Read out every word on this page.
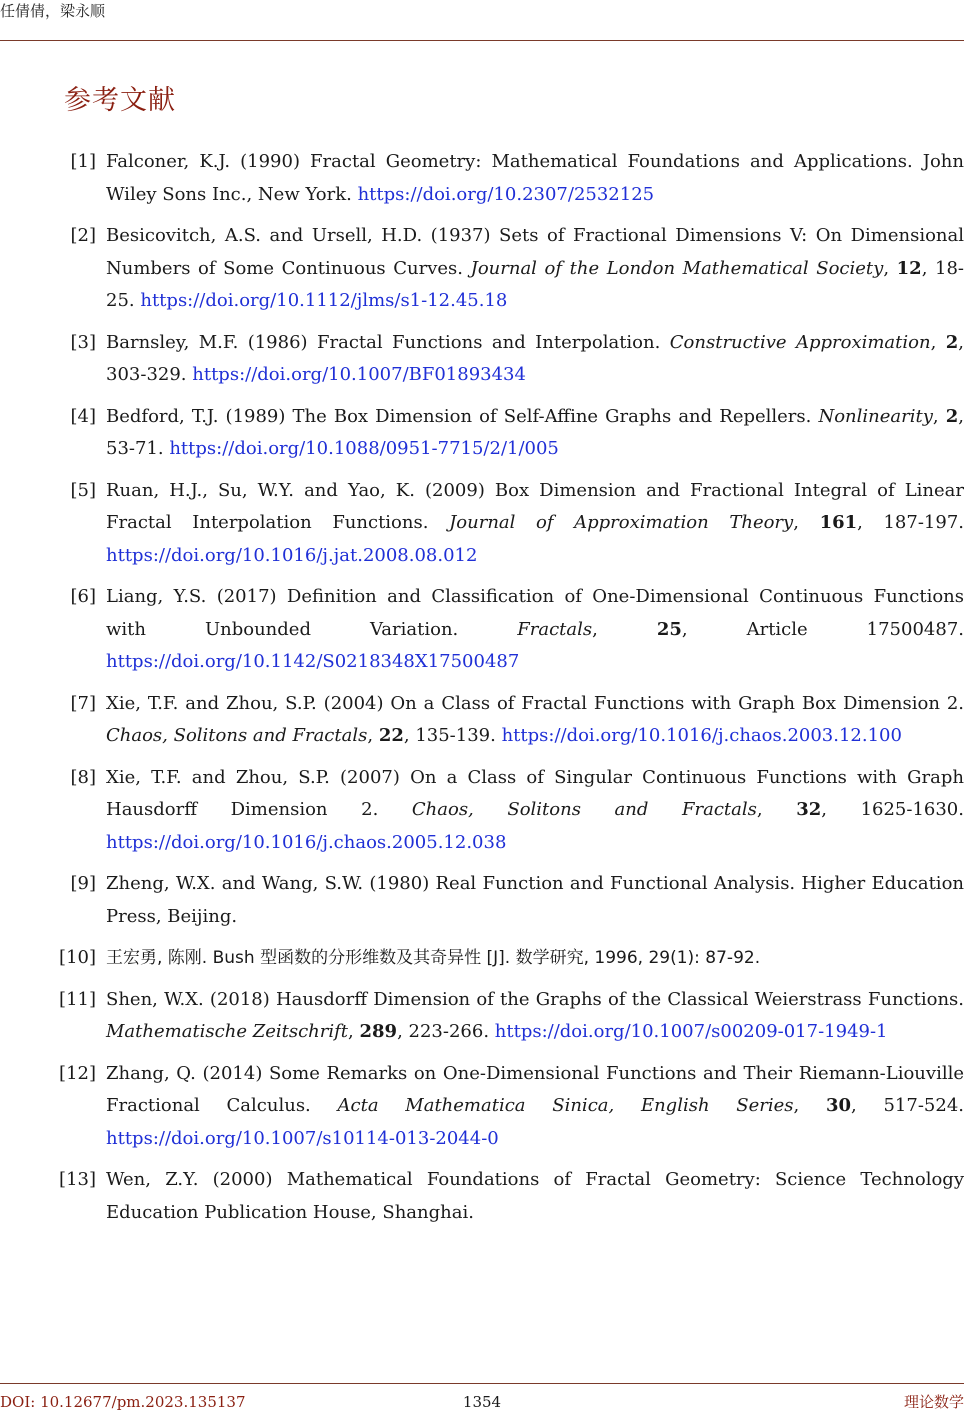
任倩倩，梁永顺
参考文献
[1] Falconer, K.J. (1990) Fractal Geometry: Mathematical Foundations and Applications. John Wiley Sons Inc., New York. https://doi.org/10.2307/2532125
[2] Besicovitch, A.S. and Ursell, H.D. (1937) Sets of Fractional Dimensions V: On Dimensional Numbers of Some Continuous Curves. Journal of the London Mathematical Society, 12, 18-25. https://doi.org/10.1112/jlms/s1-12.45.18
[3] Barnsley, M.F. (1986) Fractal Functions and Interpolation. Constructive Approximation, 2, 303-329. https://doi.org/10.1007/BF01893434
[4] Bedford, T.J. (1989) The Box Dimension of Self-Affine Graphs and Repellers. Nonlinearity, 2, 53-71. https://doi.org/10.1088/0951-7715/2/1/005
[5] Ruan, H.J., Su, W.Y. and Yao, K. (2009) Box Dimension and Fractional Integral of Linear Fractal Interpolation Functions. Journal of Approximation Theory, 161, 187-197. https://doi.org/10.1016/j.jat.2008.08.012
[6] Liang, Y.S. (2017) Definition and Classification of One-Dimensional Continuous Functions with Unbounded Variation. Fractals, 25, Article 17500487. https://doi.org/10.1142/S0218348X17500487
[7] Xie, T.F. and Zhou, S.P. (2004) On a Class of Fractal Functions with Graph Box Dimension 2. Chaos, Solitons and Fractals, 22, 135-139. https://doi.org/10.1016/j.chaos.2003.12.100
[8] Xie, T.F. and Zhou, S.P. (2007) On a Class of Singular Continuous Functions with Graph Hausdorff Dimension 2. Chaos, Solitons and Fractals, 32, 1625-1630. https://doi.org/10.1016/j.chaos.2005.12.038
[9] Zheng, W.X. and Wang, S.W. (1980) Real Function and Functional Analysis. Higher Education Press, Beijing.
[10] 王宏勇, 陈刚. Bush 型函数的分形维数及其奇异性 [J]. 数学研究, 1996, 29(1): 87-92.
[11] Shen, W.X. (2018) Hausdorff Dimension of the Graphs of the Classical Weierstrass Functions. Mathematische Zeitschrift, 289, 223-266. https://doi.org/10.1007/s00209-017-1949-1
[12] Zhang, Q. (2014) Some Remarks on One-Dimensional Functions and Their Riemann-Liouville Fractional Calculus. Acta Mathematica Sinica, English Series, 30, 517-524. https://doi.org/10.1007/s10114-013-2044-0
[13] Wen, Z.Y. (2000) Mathematical Foundations of Fractal Geometry: Science Technology Education Publication House, Shanghai.
DOI: 10.12677/pm.2023.135137	1354	理论数学
